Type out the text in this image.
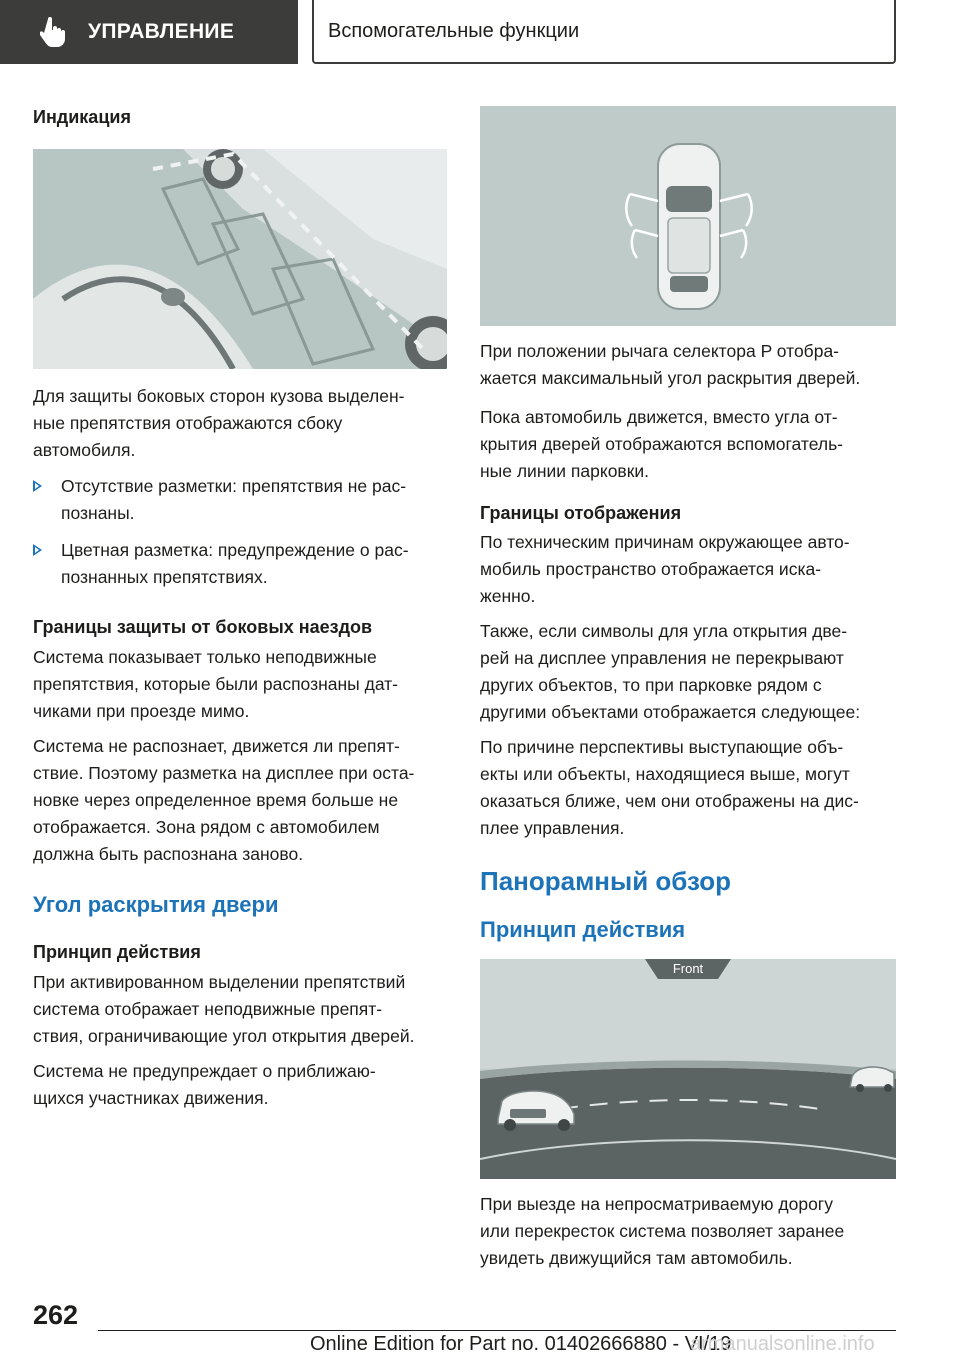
УПРАВЛЕНИЕ	Вспомогательные функции
Индикация

Для защиты боковых сторон кузова выделен-
ные препятствия отображаются сбоку
автомобиля.

Отсутствие разметки: препятствия не рас-
познаны.
Цветная разметка: предупреждение о рас-
познанных препятствиях.
Границы защиты от боковых наездов

Система показывает только неподвижные
препятствия, которые были распознаны дат-
чиками при проезде мимо.

Система не распознает, движется ли препят-
ствие. Поэтому разметка на дисплее при оста-
новке через определенное время больше не
отображается. Зона рядом с автомобилем
должна быть распознана заново.

Угол раскрытия двери
Принцип действия

При активированном выделении препятствий
система отображает неподвижные препят-
ствия, ограничивающие угол открытия дверей.

Система не предупреждает о приближаю-
щихся участниках движения.

При положении рычага селектора P отобра-
жается максимальный угол раскрытия дверей.

Пока автомобиль движется, вместо угла от-
крытия дверей отображаются вспомогатель-
ные линии парковки.

Границы отображения

По техническим причинам окружающее авто-
мобиль пространство отображается иска-
женно.

Также, если символы для угла открытия две-
рей на дисплее управления не перекрывают
других объектов, то при парковке рядом с
другими объектами отображается следующее:

По причине перспективы выступающие объ-
екты или объекты, находящиеся выше, могут
оказаться ближе, чем они отображены на дис-
плее управления.

Панорамный обзор
Принцип действия
Front

При выезде на непросматриваемую дорогу
или перекресток система позволяет заранее
увидеть движущийся там автомобиль.

262
Online Edition for Part no. 01402666880 - VI/19
armanualsonline.info
